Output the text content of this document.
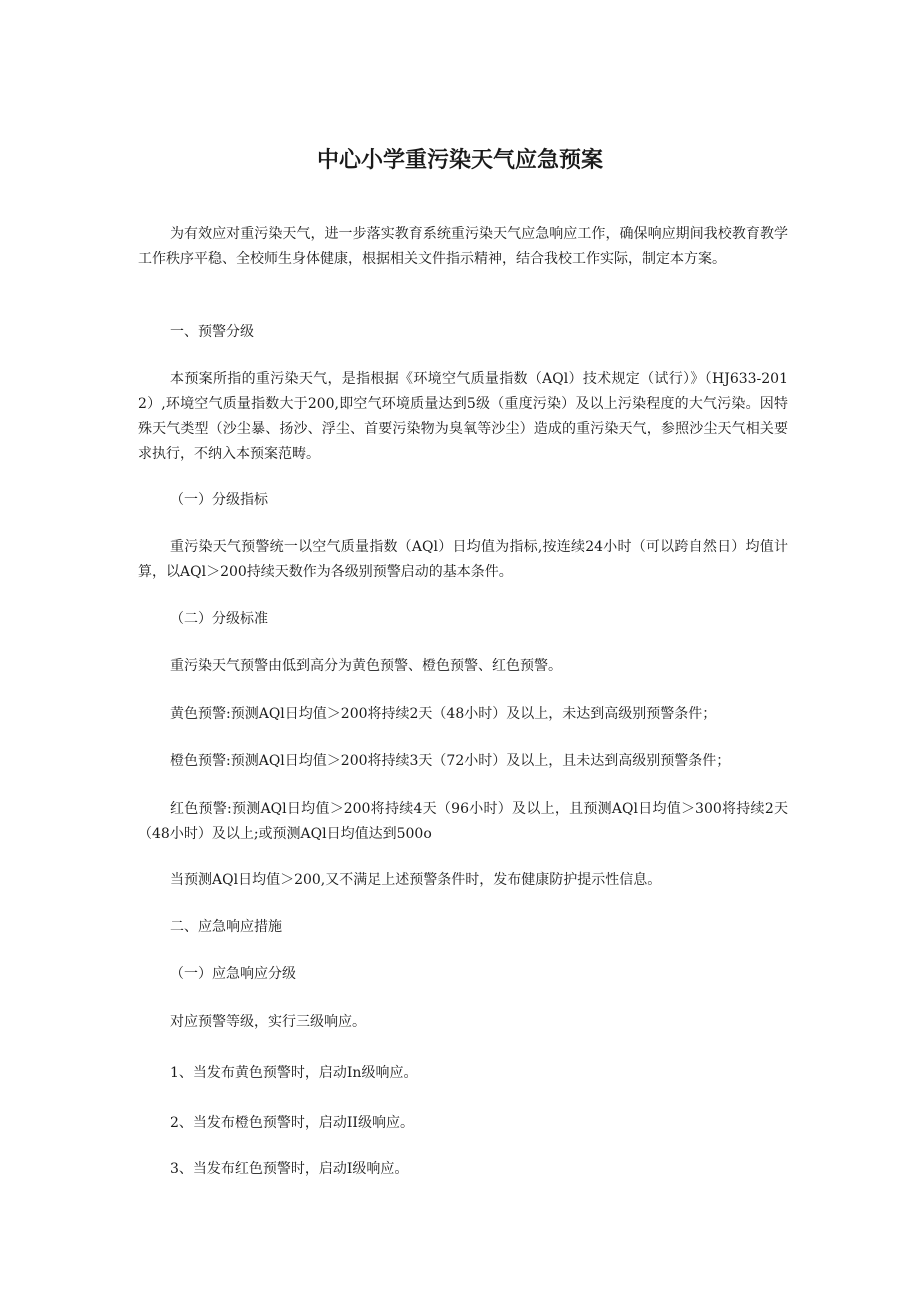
中心小学重污染天气应急预案

为有效应对重污染天气，进一步落实教育系统重污染天气应急响应工作，确保响应期间我校教育教学工作秩序平稳、全校师生身体健康，根据相关文件指示精神，结合我校工作实际，制定本方案。

一、预警分级

本预案所指的重污染天气，是指根据《环境空气质量指数（AQl）技术规定（试行）》（HJ633-2012）,环境空气质量指数大于200,即空气环境质量达到5级（重度污染）及以上污染程度的大气污染。因特殊天气类型（沙尘暴、扬沙、浮尘、首要污染物为臭氧等沙尘）造成的重污染天气，参照沙尘天气相关要求执行，不纳入本预案范畴。

（一）分级指标

重污染天气预警统一以空气质量指数（AQl）日均值为指标,按连续24小时（可以跨自然日）均值计算，以AQl＞200持续天数作为各级别预警启动的基本条件。

（二）分级标准

重污染天气预警由低到高分为黄色预警、橙色预警、红色预警。

黄色预警:预测AQl日均值＞200将持续2天（48小时）及以上，未达到高级别预警条件；

橙色预警:预测AQl日均值＞200将持续3天（72小时）及以上，且未达到高级别预警条件；

红色预警:预测AQl日均值＞200将持续4天（96小时）及以上，且预测AQl日均值＞300将持续2天（48小时）及以上;或预测AQl日均值达到500o

当预测AQl日均值＞200,又不满足上述预警条件时，发布健康防护提示性信息。

二、应急响应措施

（一）应急响应分级

对应预警等级，实行三级响应。

1、当发布黄色预警时，启动In级响应。

2、当发布橙色预警时，启动II级响应。

3、当发布红色预警时，启动I级响应。
